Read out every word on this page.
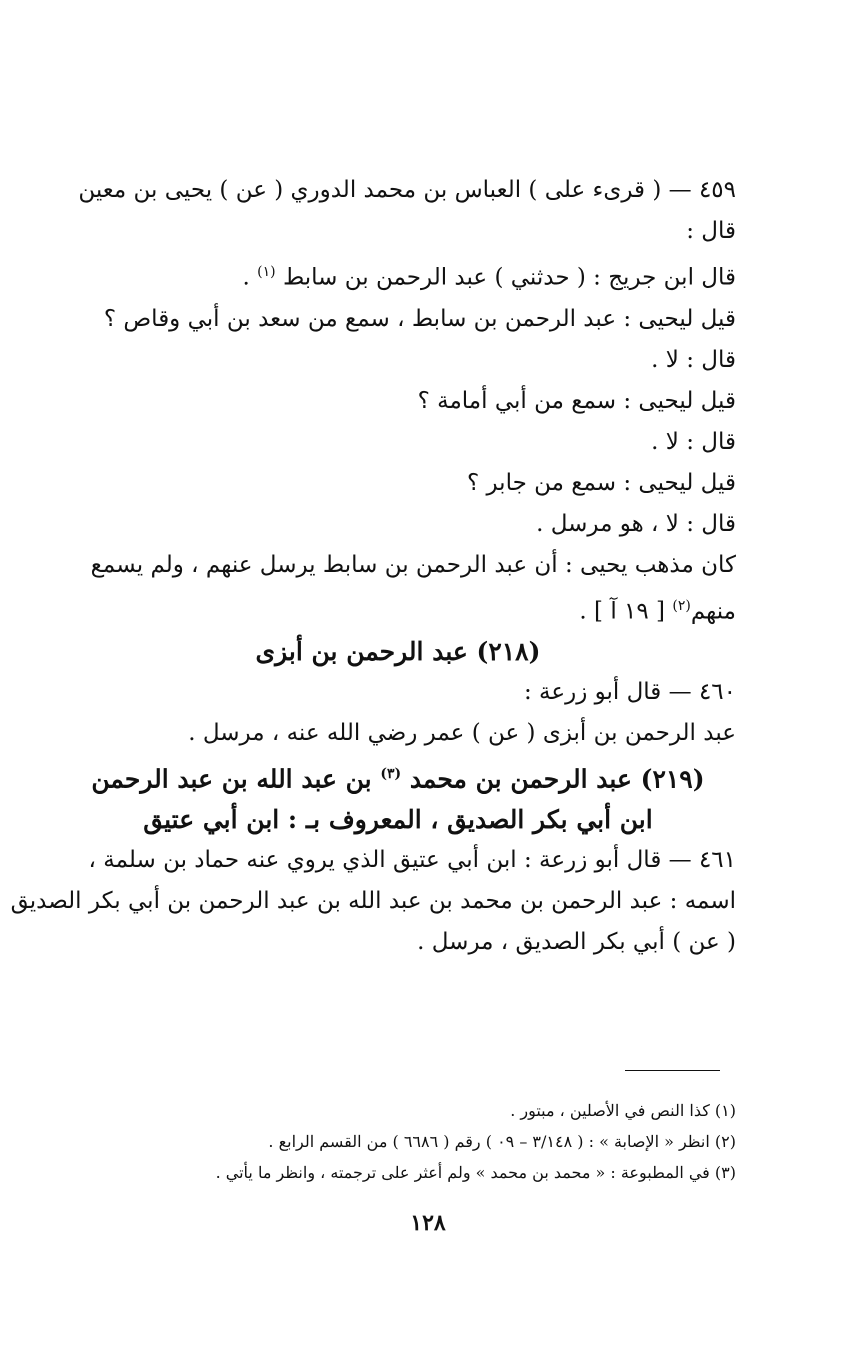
٤٥٩ — ( قرىء على ) العباس بن محمد الدوري ( عن ) يحيى بن معين
قال :
قال ابن جريج : ( حدثني ) عبد الرحمن بن سابط $^{(١)}$ .
قيل ليحيى : عبد الرحمن بن سابط ، سمع من سعد بن أبي وقاص ؟
قال : لا .
قيل ليحيى : سمع من أبي أمامة ؟
قال : لا .
قيل ليحيى : سمع من جابر ؟
قال : لا ، هو مرسل .
كان مذهب يحيى : أن عبد الرحمن بن سابط يرسل عنهم ، ولم يسمع
منهم$^{(٢)}$ [ ١٩ آ ] .

(٢١٨) عبد الرحمن بن أبزى

٤٦٠ — قال أبو زرعة :
عبد الرحمن بن أبزى ( عن ) عمر رضي الله عنه ، مرسل .

(٢١٩) عبد الرحمن بن محمد $^{(٣)}$ بن عبد الله بن عبد الرحمن
ابن أبي بكر الصديق ، المعروف بـ : ابن أبي عتيق

٤٦١ — قال أبو زرعة : ابن أبي عتيق الذي يروي عنه حماد بن سلمة ،
اسمه : عبد الرحمن بن محمد بن عبد الله بن عبد الرحمن بن أبي بكر الصديق
( عن ) أبي بكر الصديق ، مرسل .

(١) كذا النص في الأصلين ، مبتور .

(٢) انظر « الإصابة » : ( ٣/١٤٨ – ٠٩ ) رقم ( ٦٦٨٦ ) من القسم الرابع .

(٣) في المطبوعة : « محمد بن محمد » ولم أعثر على ترجمته ، وانظر ما يأتي .

١٢٨
